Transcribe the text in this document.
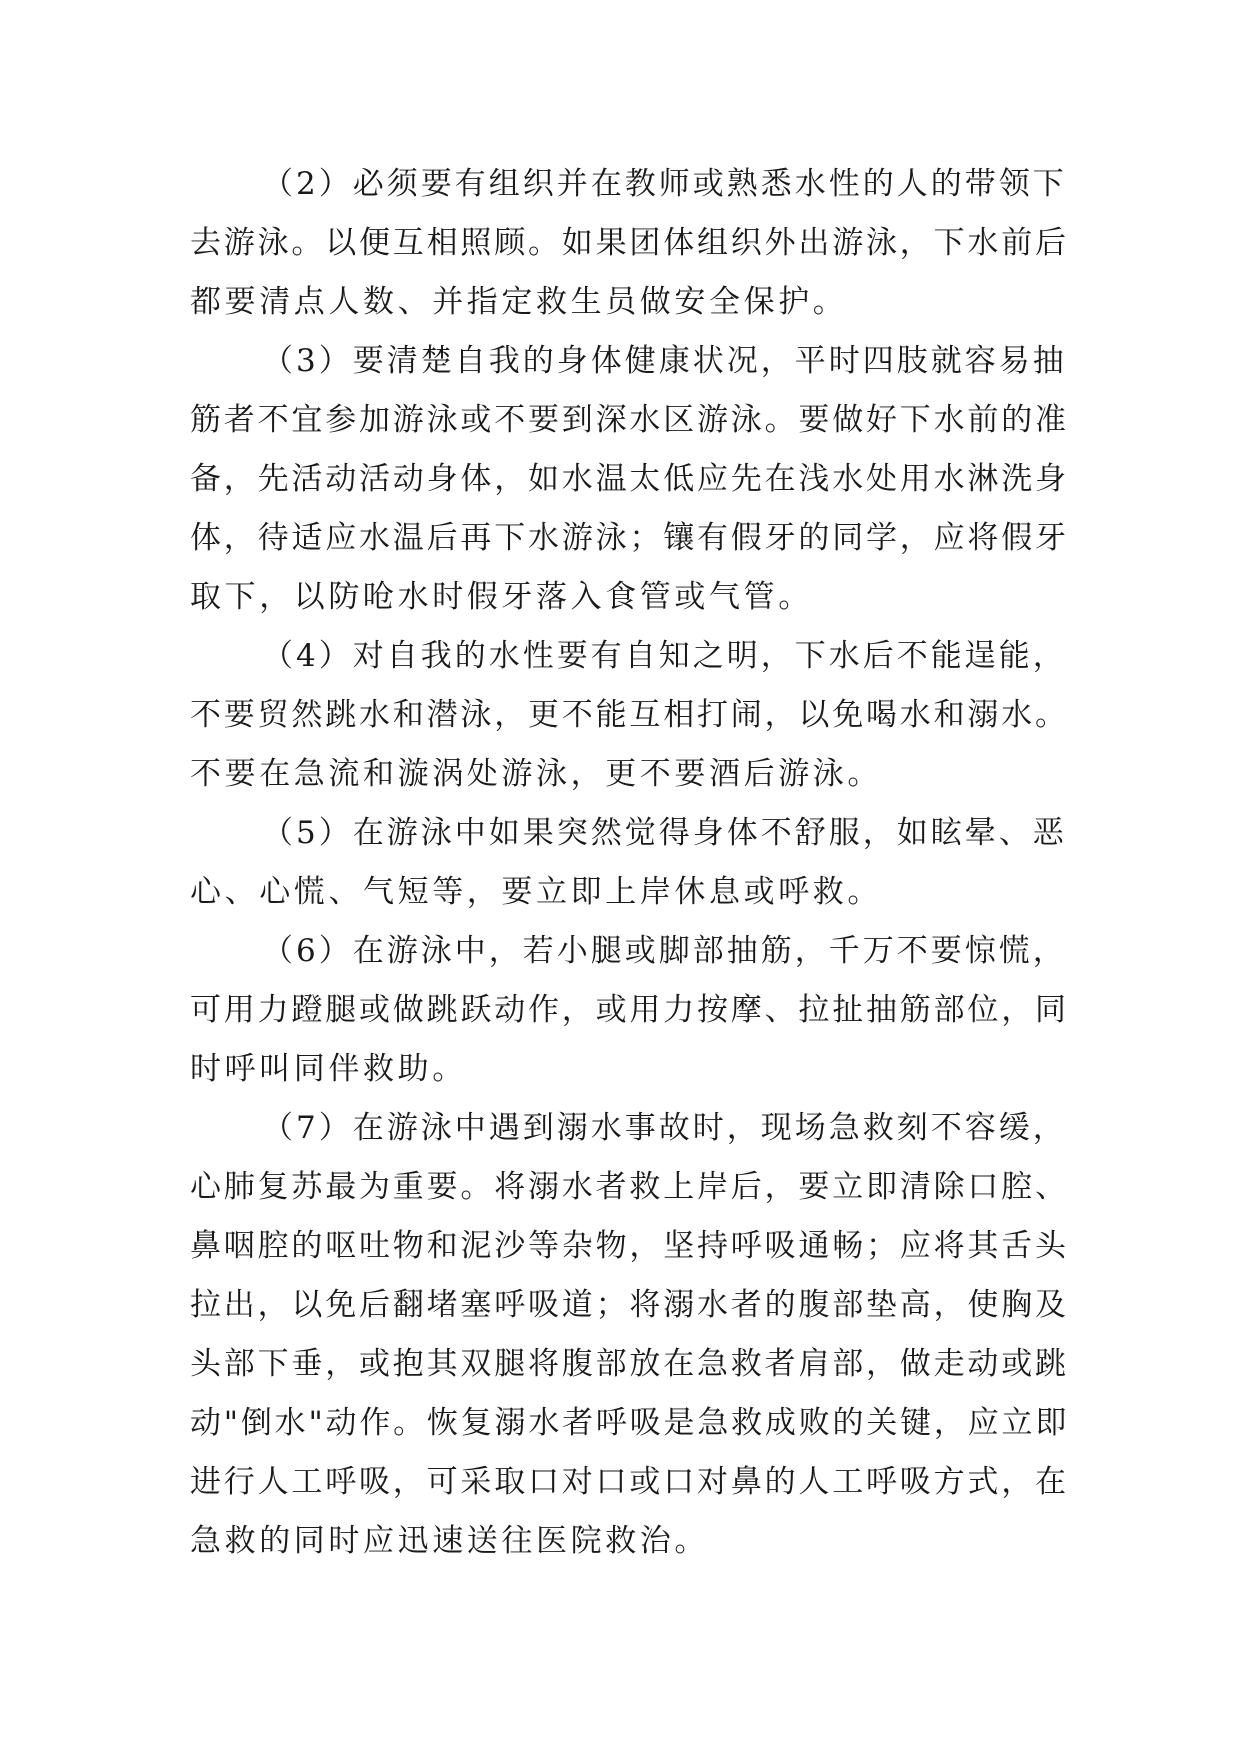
（2）必须要有组织并在教师或熟悉水性的人的带领下
去游泳。以便互相照顾。如果团体组织外出游泳，下水前后
都要清点人数、并指定救生员做安全保护。
（3）要清楚自我的身体健康状况，平时四肢就容易抽
筋者不宜参加游泳或不要到深水区游泳。要做好下水前的准
备，先活动活动身体，如水温太低应先在浅水处用水淋洗身
体，待适应水温后再下水游泳；镶有假牙的同学，应将假牙
取下，以防呛水时假牙落入食管或气管。
（4）对自我的水性要有自知之明，下水后不能逞能，
不要贸然跳水和潜泳，更不能互相打闹，以免喝水和溺水。
不要在急流和漩涡处游泳，更不要酒后游泳。
（5）在游泳中如果突然觉得身体不舒服，如眩晕、恶
心、心慌、气短等，要立即上岸休息或呼救。
（6）在游泳中，若小腿或脚部抽筋，千万不要惊慌，
可用力蹬腿或做跳跃动作，或用力按摩、拉扯抽筋部位，同
时呼叫同伴救助。
（7）在游泳中遇到溺水事故时，现场急救刻不容缓，
心肺复苏最为重要。将溺水者救上岸后，要立即清除口腔、
鼻咽腔的呕吐物和泥沙等杂物，坚持呼吸通畅；应将其舌头
拉出，以免后翻堵塞呼吸道；将溺水者的腹部垫高，使胸及
头部下垂，或抱其双腿将腹部放在急救者肩部，做走动或跳
动"倒水"动作。恢复溺水者呼吸是急救成败的关键，应立即
进行人工呼吸，可采取口对口或口对鼻的人工呼吸方式，在
急救的同时应迅速送往医院救治。
